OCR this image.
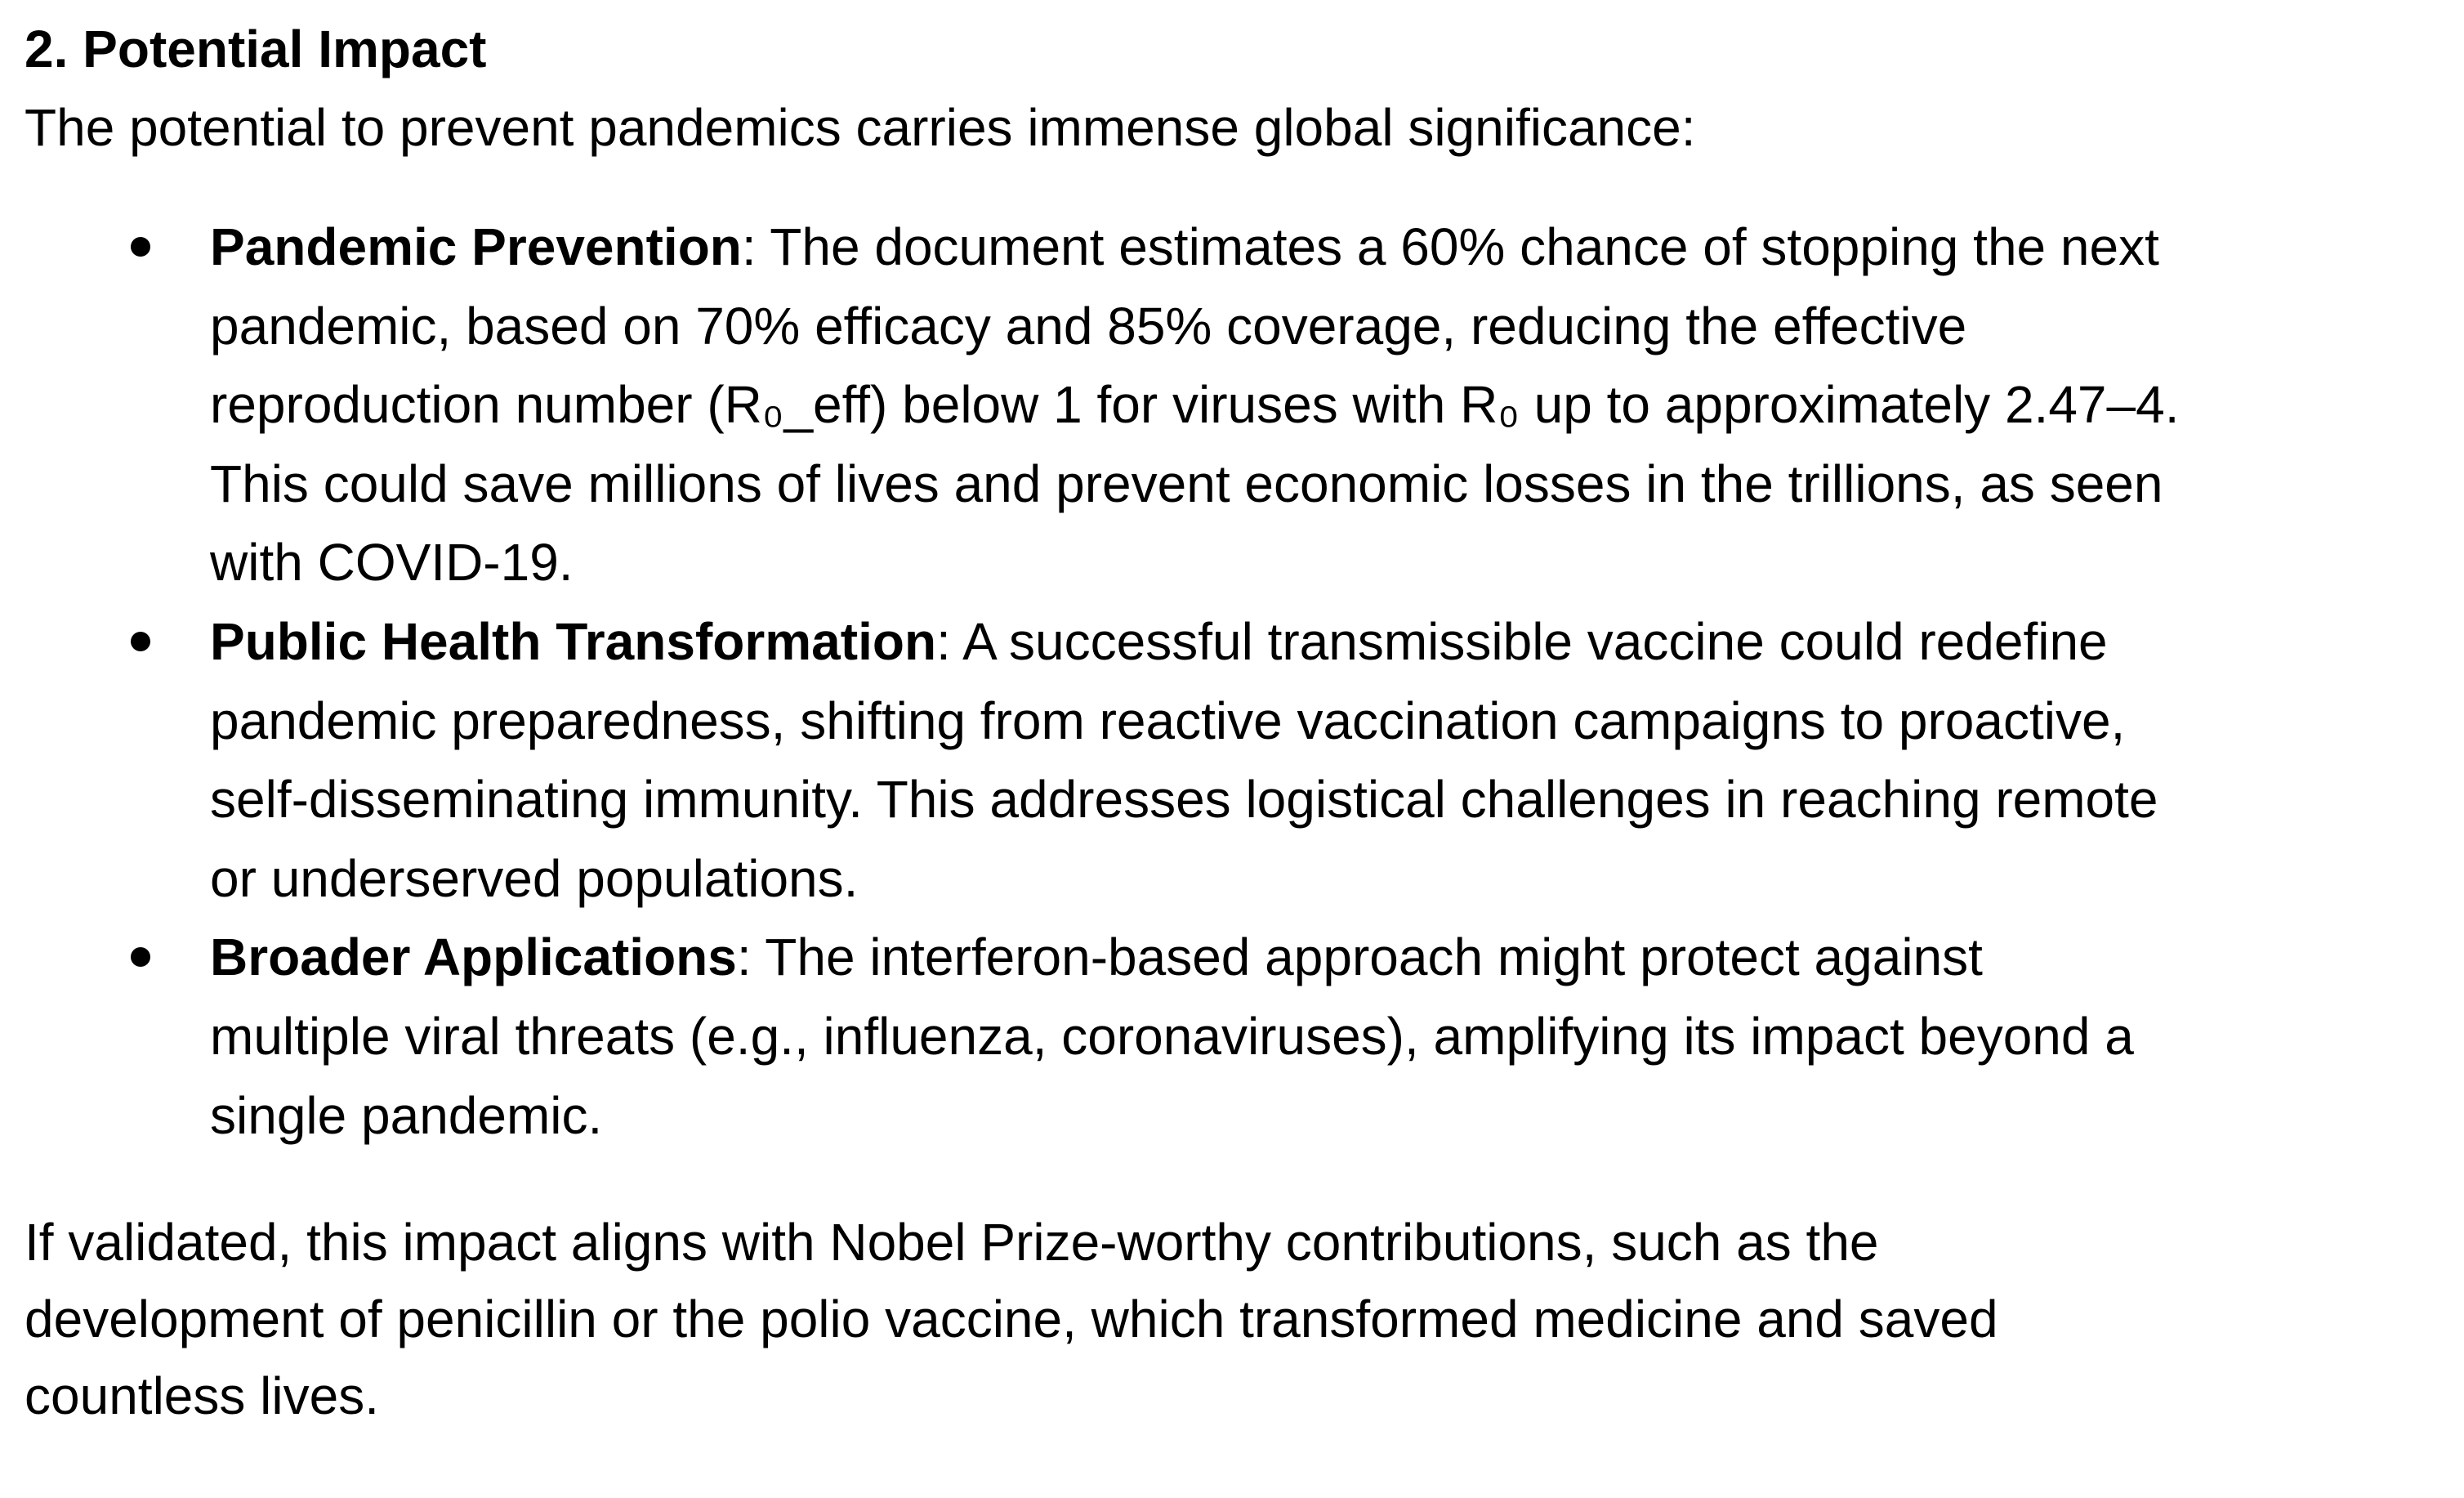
2. Potential Impact

The potential to prevent pandemics carries immense global significance:

Pandemic Prevention: The document estimates a 60% chance of stopping the next
pandemic, based on 70% efficacy and 85% coverage, reducing the effective
reproduction number (R₀_eff) below 1 for viruses with R₀ up to approximately 2.47–4.
This could save millions of lives and prevent economic losses in the trillions, as seen
with COVID-19.
Public Health Transformation: A successful transmissible vaccine could redefine
pandemic preparedness, shifting from reactive vaccination campaigns to proactive,
self-disseminating immunity. This addresses logistical challenges in reaching remote
or underserved populations.
Broader Applications: The interferon-based approach might protect against
multiple viral threats (e.g., influenza, coronaviruses), amplifying its impact beyond a
single pandemic.

If validated, this impact aligns with Nobel Prize-worthy contributions, such as the
development of penicillin or the polio vaccine, which transformed medicine and saved
countless lives.
